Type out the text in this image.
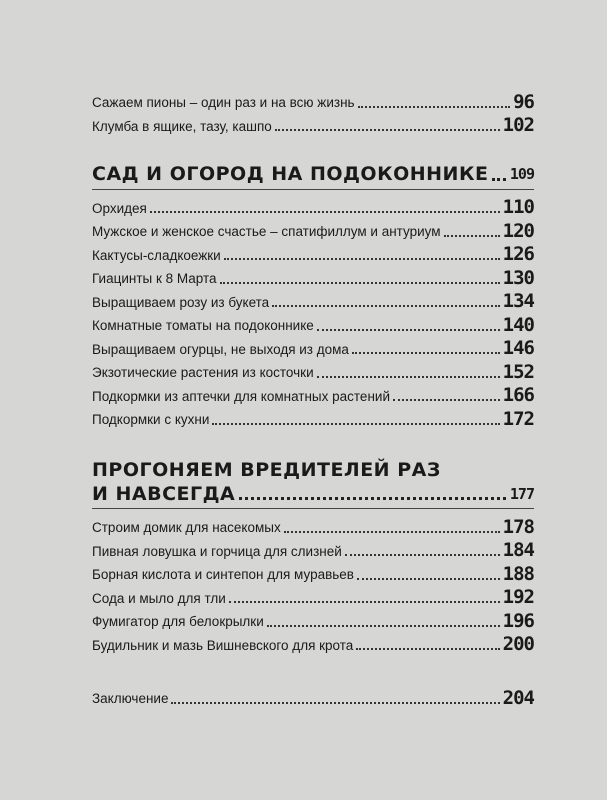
Сажаем пионы – один раз и на всю жизнь	96
Клумба в ящике, тазу, кашпо	102
САД И ОГОРОД НА ПОДОКОННИКЕ 109
Орхидея	110
Мужское и женское счастье – спатифиллум и антуриум	120
Кактусы-сладкоежки	126
Гиацинты к 8 Марта	130
Выращиваем розу из букета	134
Комнатные томаты на подоконнике	140
Выращиваем огурцы, не выходя из дома	146
Экзотические растения из косточки	152
Подкормки из аптечки для комнатных растений	166
Подкормки с кухни	172
ПРОГОНЯЕМ ВРЕДИТЕЛЕЙ РАЗ
И НАВСЕГДА	177
Строим домик для насекомых	178
Пивная ловушка и горчица для слизней	184
Борная кислота и синтепон для муравьев	188
Сода и мыло для тли	192
Фумигатор для белокрылки	196
Будильник и мазь Вишневского для крота	200
Заключение	204
